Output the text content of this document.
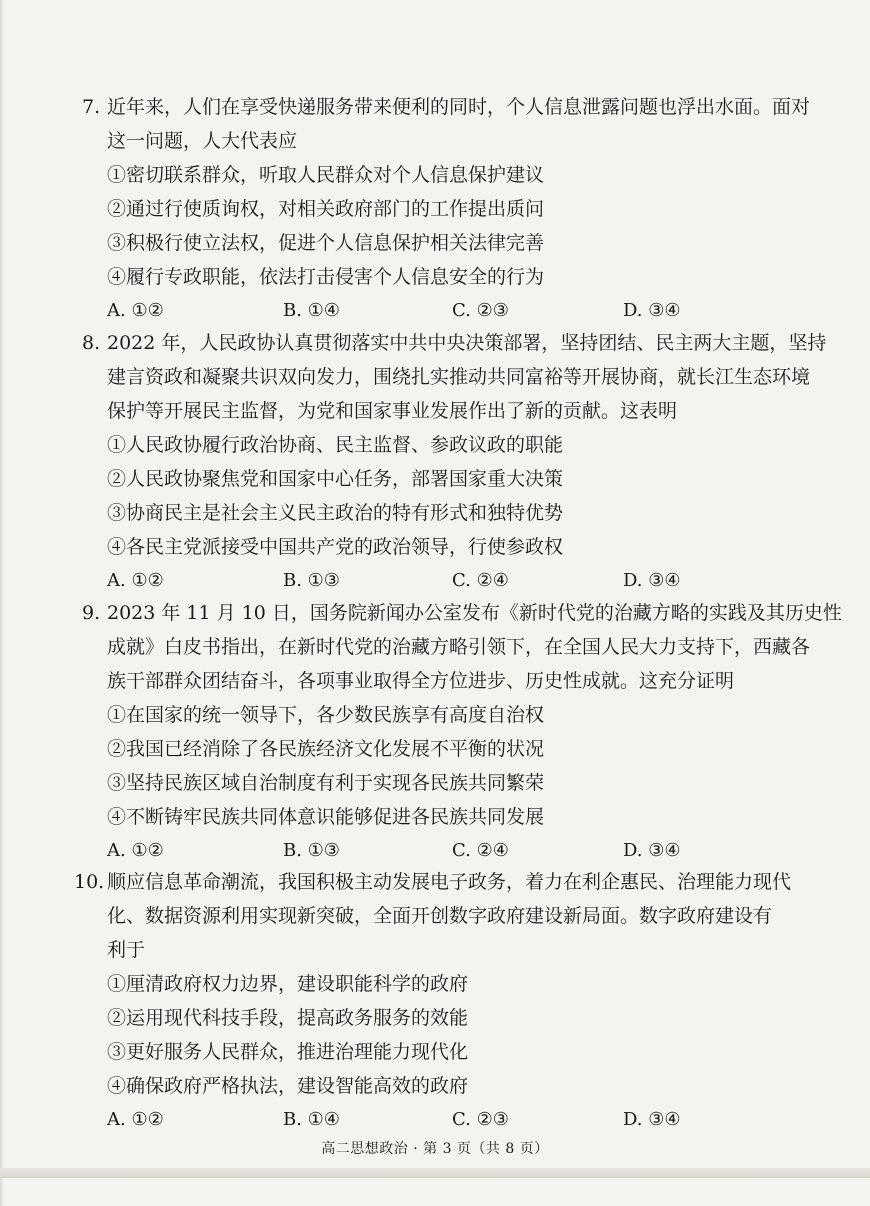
7. 近年来，人们在享受快递服务带来便利的同时，个人信息泄露问题也浮出水面。面对
这一问题，人大代表应
①密切联系群众，听取人民群众对个人信息保护建议
②通过行使质询权，对相关政府部门的工作提出质问
③积极行使立法权，促进个人信息保护相关法律完善
④履行专政职能，依法打击侵害个人信息安全的行为
A. ①②	B. ①④	C. ②③	D. ③④
8. 2022 年，人民政协认真贯彻落实中共中央决策部署，坚持团结、民主两大主题，坚持
建言资政和凝聚共识双向发力，围绕扎实推动共同富裕等开展协商，就长江生态环境
保护等开展民主监督，为党和国家事业发展作出了新的贡献。这表明
①人民政协履行政治协商、民主监督、参政议政的职能
②人民政协聚焦党和国家中心任务，部署国家重大决策
③协商民主是社会主义民主政治的特有形式和独特优势
④各民主党派接受中国共产党的政治领导，行使参政权
A. ①②	B. ①③	C. ②④	D. ③④
9. 2023 年 11 月 10 日，国务院新闻办公室发布《新时代党的治藏方略的实践及其历史性
成就》白皮书指出，在新时代党的治藏方略引领下，在全国人民大力支持下，西藏各
族干部群众团结奋斗，各项事业取得全方位进步、历史性成就。这充分证明
①在国家的统一领导下，各少数民族享有高度自治权
②我国已经消除了各民族经济文化发展不平衡的状况
③坚持民族区域自治制度有利于实现各民族共同繁荣
④不断铸牢民族共同体意识能够促进各民族共同发展
A. ①②	B. ①③	C. ②④	D. ③④
10. 顺应信息革命潮流，我国积极主动发展电子政务，着力在利企惠民、治理能力现代
化、数据资源利用实现新突破，全面开创数字政府建设新局面。数字政府建设有
利于
①厘清政府权力边界，建设职能科学的政府
②运用现代科技手段，提高政务服务的效能
③更好服务人民群众，推进治理能力现代化
④确保政府严格执法，建设智能高效的政府
A. ①②	B. ①④	C. ②③	D. ③④
高二思想政治 · 第 3 页（共 8 页）
